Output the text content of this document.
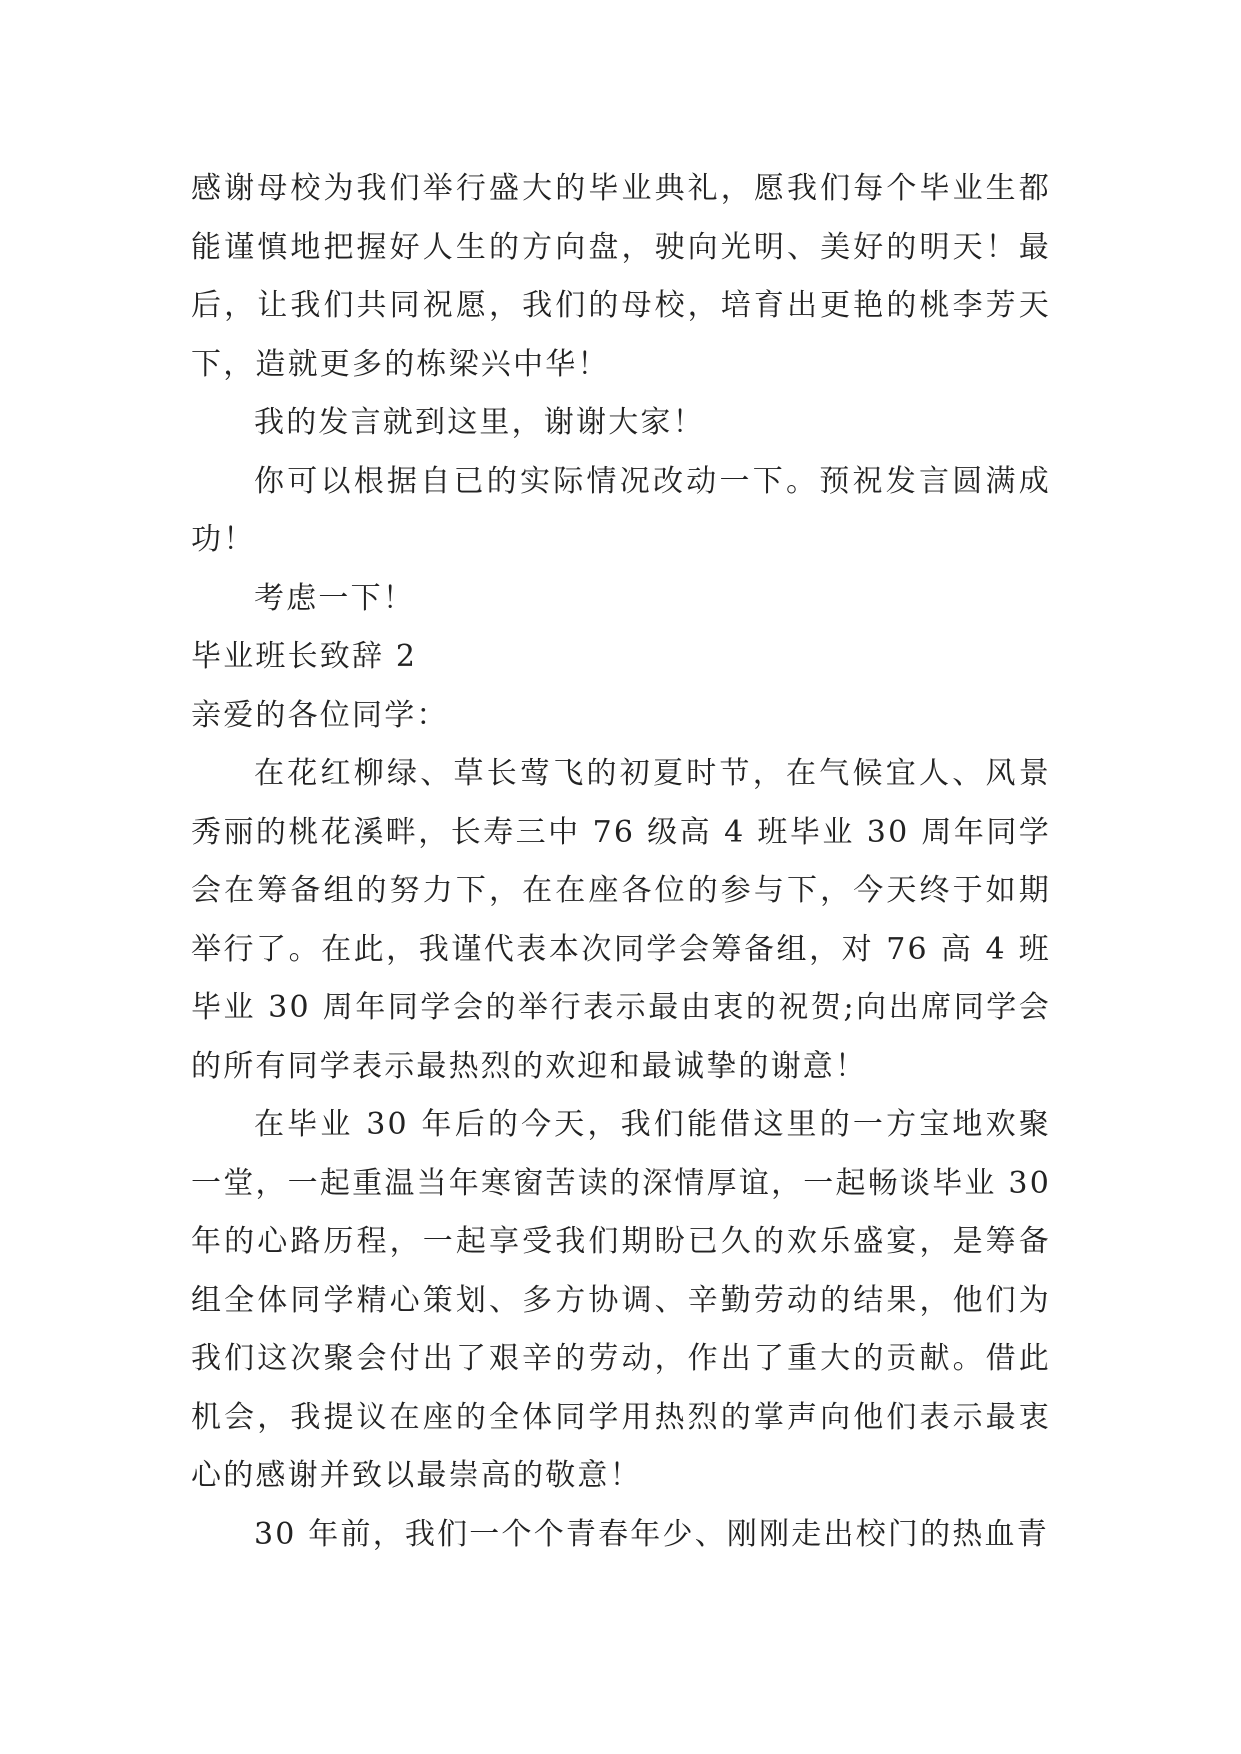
感谢母校为我们举行盛大的毕业典礼，愿我们每个毕业生都能谨慎地把握好人生的方向盘，驶向光明、美好的明天！最后，让我们共同祝愿，我们的母校，培育出更艳的桃李芳天下，造就更多的栋梁兴中华！

我的发言就到这里，谢谢大家！

你可以根据自已的实际情况改动一下。预祝发言圆满成功！

考虑一下！

毕业班长致辞 2

亲爱的各位同学：

在花红柳绿、草长莺飞的初夏时节，在气候宜人、风景秀丽的桃花溪畔，长寿三中 76 级高 4 班毕业 30 周年同学会在筹备组的努力下，在在座各位的参与下，今天终于如期举行了。在此，我谨代表本次同学会筹备组，对 76 高 4 班毕业 30 周年同学会的举行表示最由衷的祝贺;向出席同学会的所有同学表示最热烈的欢迎和最诚挚的谢意！

在毕业 30 年后的今天，我们能借这里的一方宝地欢聚一堂，一起重温当年寒窗苦读的深情厚谊，一起畅谈毕业 30 年的心路历程，一起享受我们期盼已久的欢乐盛宴，是筹备组全体同学精心策划、多方协调、辛勤劳动的结果，他们为我们这次聚会付出了艰辛的劳动，作出了重大的贡献。借此机会，我提议在座的全体同学用热烈的掌声向他们表示最衷心的感谢并致以最崇高的敬意！

30 年前，我们一个个青春年少、刚刚走出校门的热血青
